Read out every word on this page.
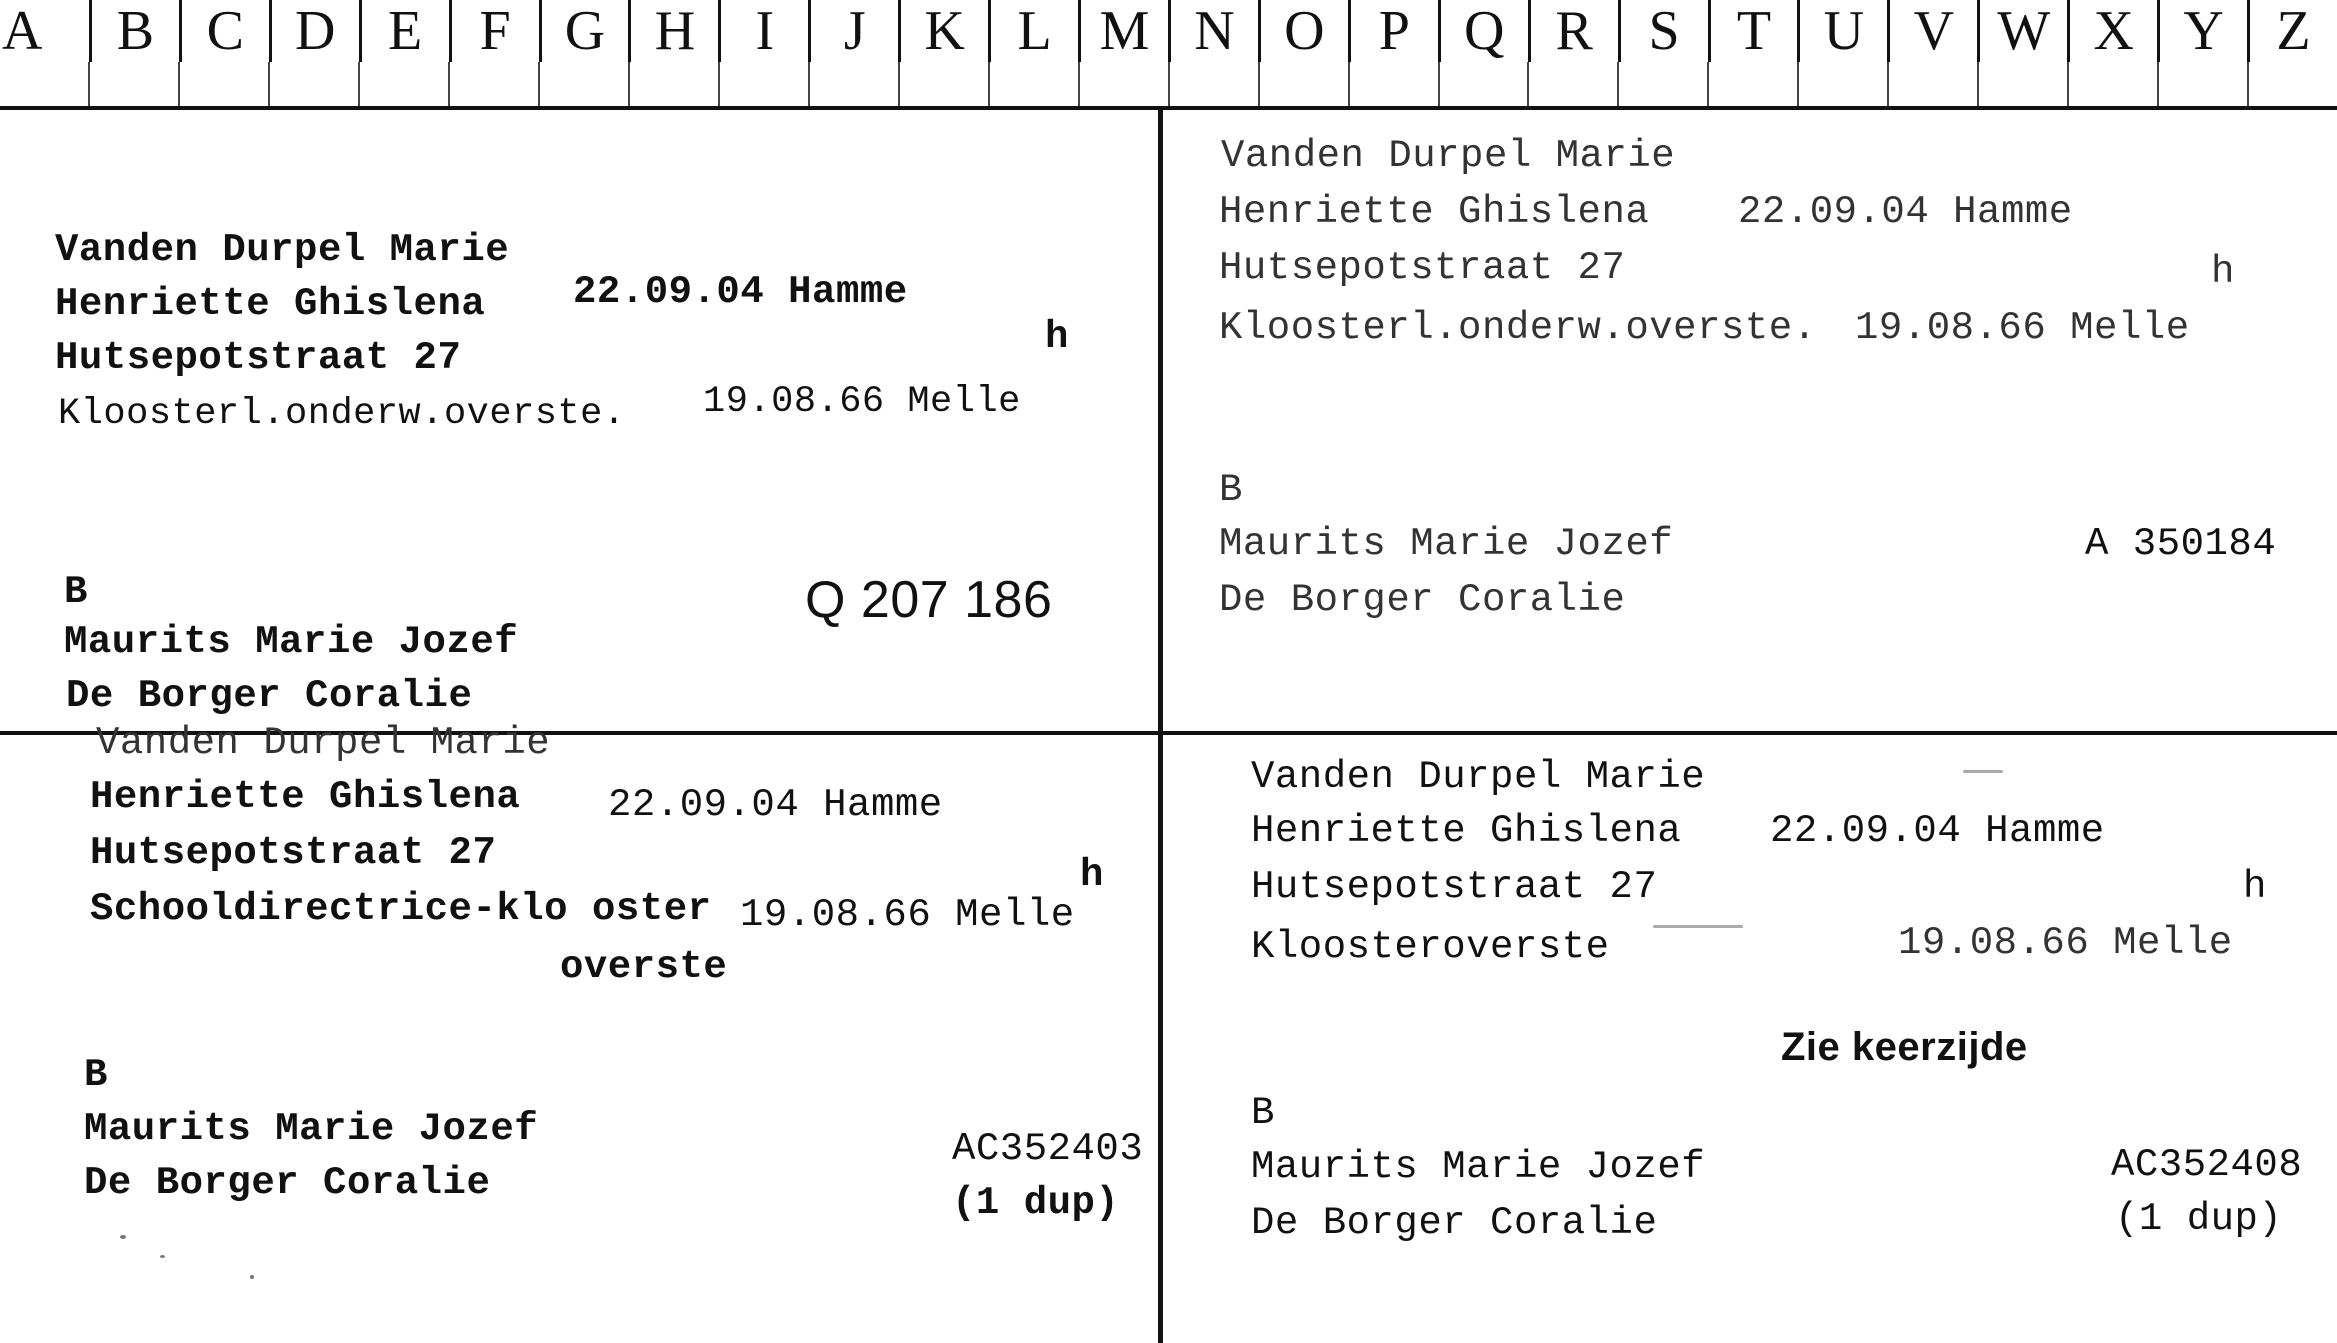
A	B C D E	F G H	I	J	K L M N O P Q R S	T U V W X Y Z
Vanden Durpel Marie
Henriette Ghislena 22.09.04 Hamme
h
Hutsepotstraat 27
Kloosterl.onderw.overste. 19.08.66 Melle
B
Maurits Marie Jozef
De Borger Coralie
Q 207 186
Vanden Durpel Marie
Henriette Ghislena 22.09.04 Hamme
Hutsepotstraat 27	h
Kloosterl.onderw.overste. 19.08.66 Melle
B
Maurits Marie Jozef
De Borger Coralie
A 350184
Vanden Durpel Marie
Henriette Ghislena 22.09.04 Hamme
Hutsepotstraat 27	h
Schooldirectrice-klo oster 19.08.66 Melle
overste
B
Maurits Marie Jozef
De Borger Coralie
AC352403
(1 dup)
Vanden Durpel Marie
Henriette Ghislena 22.09.04 Hamme
Hutsepotstraat 27	h
Kloosteroverste	19.08.66 Melle
Zie keerzijde
B
Maurits Marie Jozef
De Borger Coralie
AC352408
(1 dup)
